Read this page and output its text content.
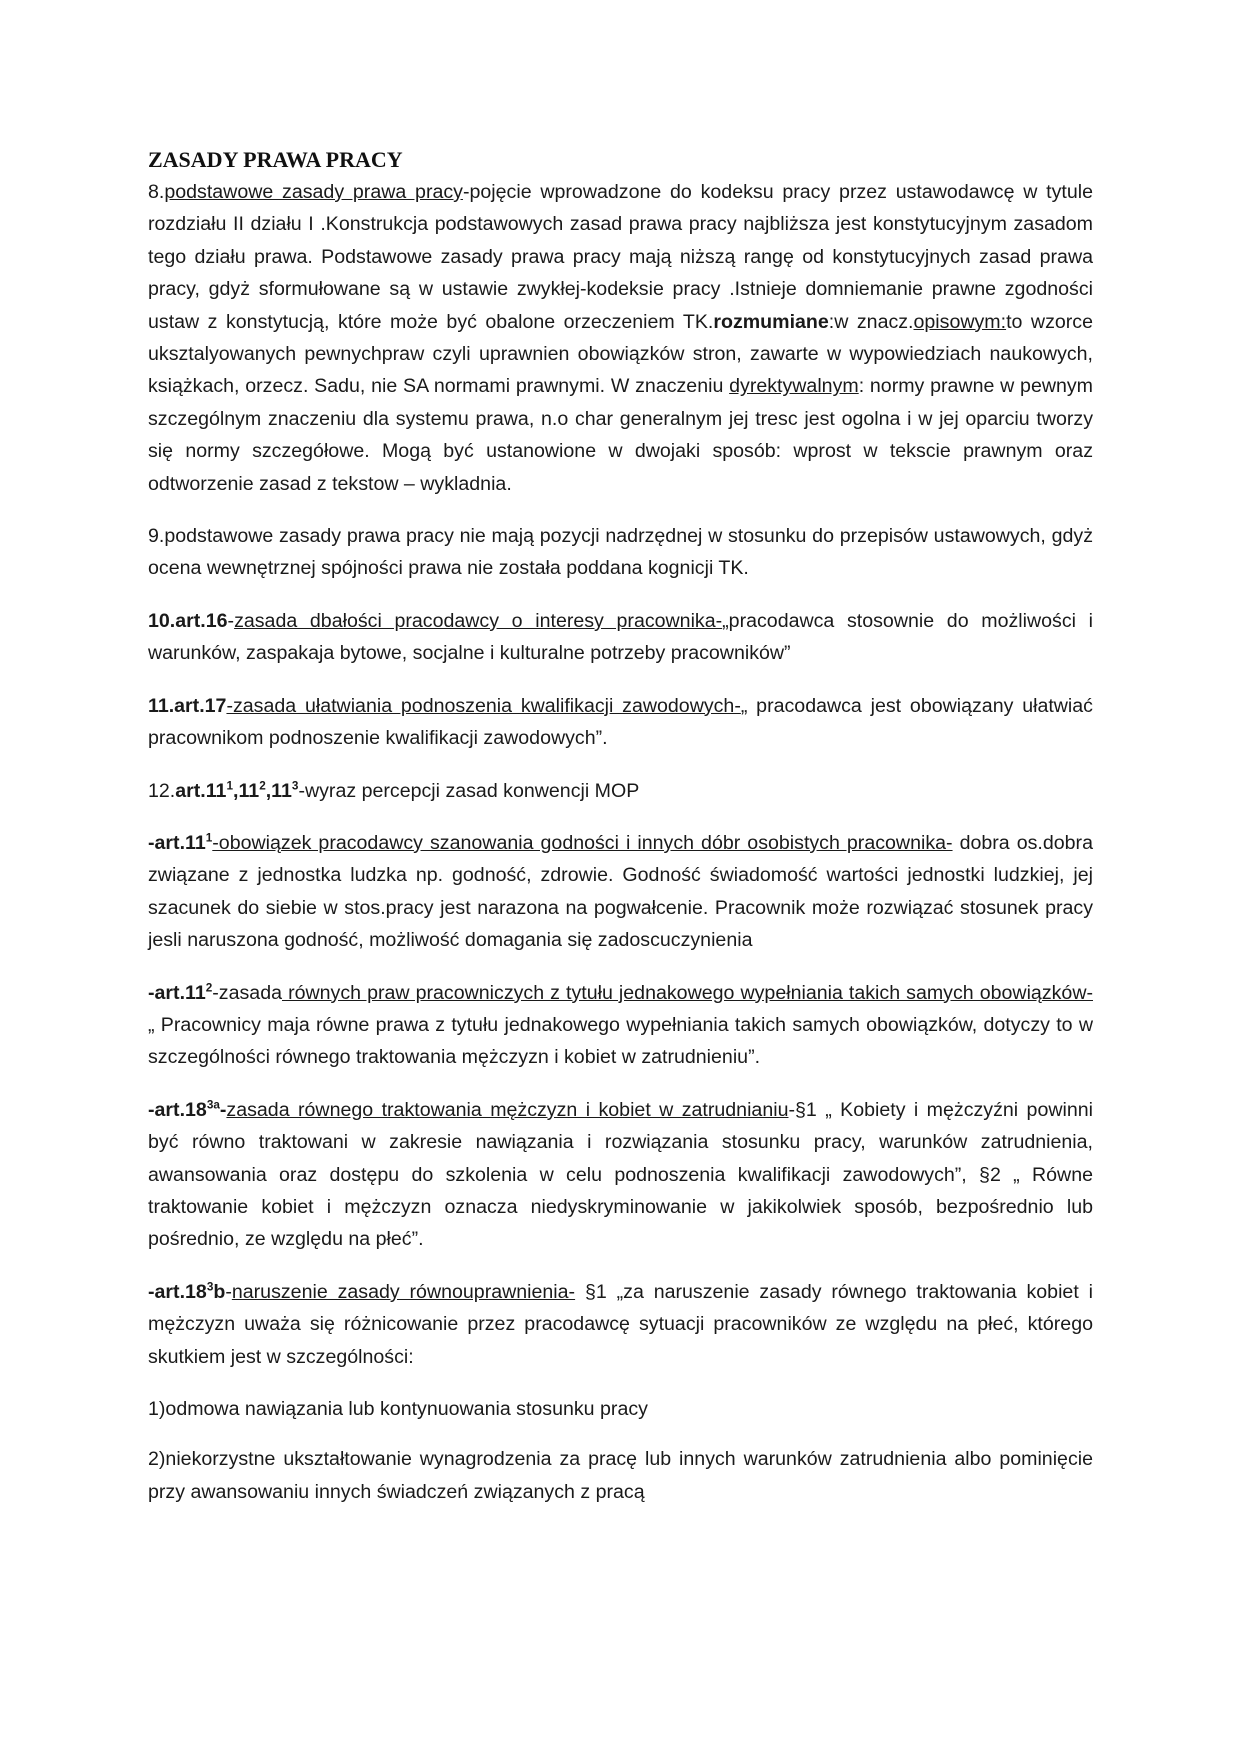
ZASADY PRAWA PRACY

8.podstawowe zasady prawa pracy-pojęcie wprowadzone do kodeksu pracy przez ustawodawcę w tytule rozdziału II działu I .Konstrukcja podstawowych zasad prawa pracy najbliższa jest konstytucyjnym zasadom tego działu prawa. Podstawowe zasady prawa pracy mają niższą rangę od konstytucyjnych zasad prawa pracy, gdyż sformułowane są w ustawie zwykłej-kodeksie pracy .Istnieje domniemanie prawne zgodności ustaw z konstytucją, które może być obalone orzeczeniem TK.rozmumiane:w znacz.opisowym:to wzorce uksztalyowanych pewnychpraw czyli uprawnien obowiązków stron, zawarte w wypowiedziach naukowych, książkach, orzecz. Sadu, nie SA normami prawnymi. W znaczeniu dyrektywalnym: normy prawne w pewnym szczególnym znaczeniu dla systemu prawa, n.o char generalnym jej tresc jest ogolna i w jej oparciu tworzy się normy szczegółowe. Mogą być ustanowione w dwojaki sposób: wprost w tekscie prawnym oraz odtworzenie zasad z tekstow – wykladnia.

9.podstawowe zasady prawa pracy nie mają pozycji nadrzędnej w stosunku do przepisów ustawowych, gdyż ocena wewnętrznej spójności prawa nie została poddana kognicji TK.

10.art.16-zasada dbałości pracodawcy o interesy pracownika-„pracodawca stosownie do możliwości i warunków, zaspakaja bytowe, socjalne i kulturalne potrzeby pracowników”

11.art.17-zasada ułatwiania podnoszenia kwalifikacji zawodowych-„ pracodawca jest obowiązany ułatwiać pracownikom podnoszenie kwalifikacji zawodowych”.

$12.art.11^1,11^2,11^3$-wyraz percepcji zasad konwencji MOP

$-art.11^1$-obowiązek pracodawcy szanowania godności i innych dóbr osobistych pracownika- dobra os.dobra związane z jednostka ludzka np. godność, zdrowie. Godność świadomość wartości jednostki ludzkiej, jej szacunek do siebie w stos.pracy jest narazona na pogwałcenie. Pracownik może rozwiązać stosunek pracy jesli naruszona godność, możliwość domagania się zadoscuczynienia

$-art.11^2$-zasada równych praw pracowniczych z tytułu jednakowego wypełniania takich samych obowiązków-„ Pracownicy maja równe prawa z tytułu jednakowego wypełniania takich samych obowiązków, dotyczy to w szczególności równego traktowania mężczyzn i kobiet w zatrudnieniu”.

$-art.18^{3a}$-zasada równego traktowania mężczyzn i kobiet w zatrudnianiu-§1 „ Kobiety i mężczyźni powinni być równo traktowani w zakresie nawiązania i rozwiązania stosunku pracy, warunków zatrudnienia, awansowania oraz dostępu do szkolenia w celu podnoszenia kwalifikacji zawodowych”, §2 „ Równe traktowanie kobiet i mężczyzn oznacza niedyskryminowanie w jakikolwiek sposób, bezpośrednio lub pośrednio, ze względu na płeć”.

$-art.18^3b$-naruszenie zasady równouprawnienia- §1 „za naruszenie zasady równego traktowania kobiet i mężczyzn uważa się różnicowanie przez pracodawcę sytuacji pracowników ze względu na płeć, którego skutkiem jest w szczególności:

1)odmowa nawiązania lub kontynuowania stosunku pracy

2)niekorzystne ukształtowanie wynagrodzenia za pracę lub innych warunków zatrudnienia albo pominięcie przy awansowaniu innych świadczeń związanych z pracą
